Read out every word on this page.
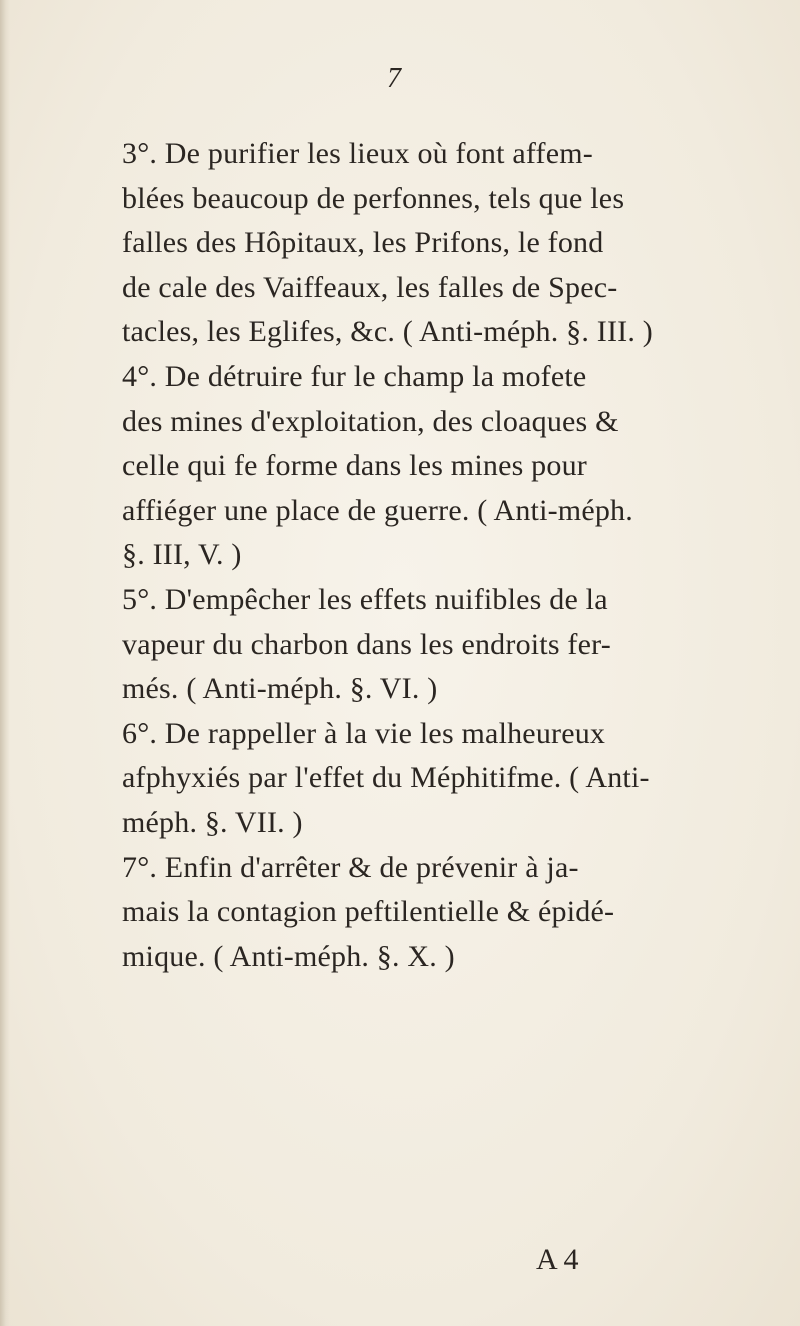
7

3°. De purifier les lieux où font affem-
blées beaucoup de perfonnes, tels que les
falles des Hôpitaux, les Prifons, le fond
de cale des Vaiffeaux, les falles de Spec-
tacles, les Eglifes, &c. ( Anti-méph. §. III. )

4°. De détruire fur le champ la mofete
des mines d'exploitation, des cloaques &
celle qui fe forme dans les mines pour
affiéger une place de guerre. ( Anti-méph.
§. III, V. )

5°. D'empêcher les effets nuifibles de la
vapeur du charbon dans les endroits fer-
més. ( Anti-méph. §. VI. )

6°. De rappeller à la vie les malheureux
afphyxiés par l'effet du Méphitifme. ( Anti-
méph. §. VII. )

7°. Enfin d'arrêter & de prévenir à ja-
mais la contagion peftilentielle & épidé-
mique. ( Anti-méph. §. X. )

A 4
